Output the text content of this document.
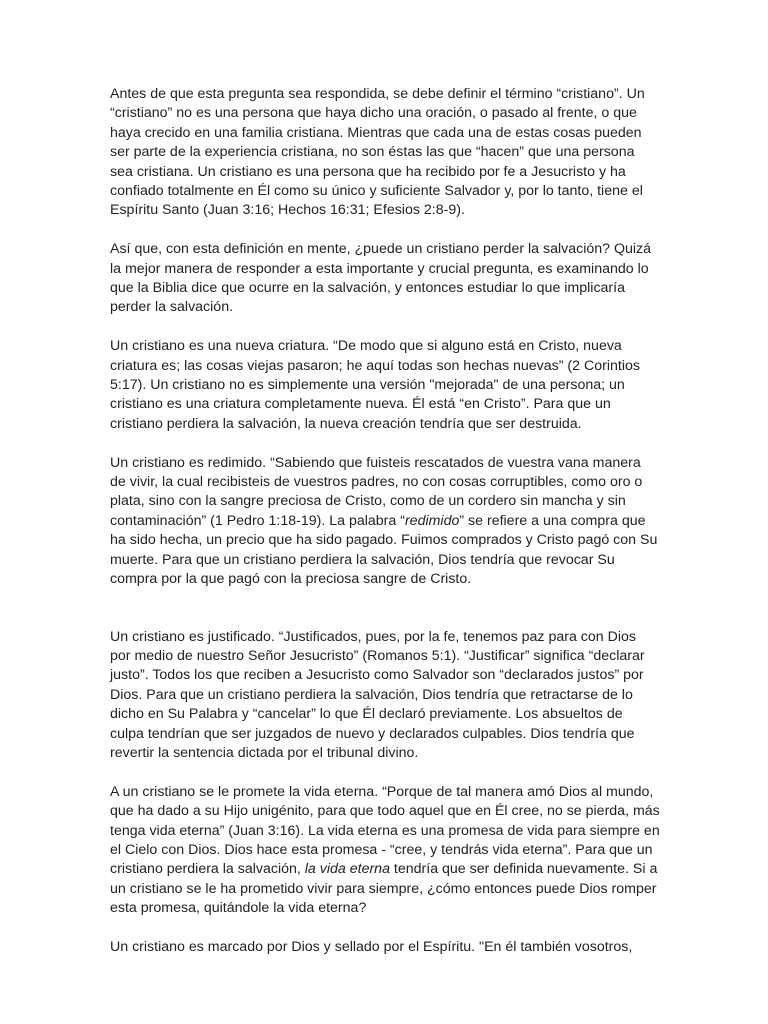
Antes de que esta pregunta sea respondida, se debe definir el término “cristiano”. Un “cristiano” no es una persona que haya dicho una oración, o pasado al frente, o que haya crecido en una familia cristiana. Mientras que cada una de estas cosas pueden ser parte de la experiencia cristiana, no son éstas las que “hacen” que una persona sea cristiana. Un cristiano es una persona que ha recibido por fe a Jesucristo y ha confiado totalmente en Él como su único y suficiente Salvador y, por lo tanto, tiene el Espíritu Santo (Juan 3:16; Hechos 16:31; Efesios 2:8-9).

Así que, con esta definición en mente, ¿puede un cristiano perder la salvación? Quizá la mejor manera de responder a esta importante y crucial pregunta, es examinando lo que la Biblia dice que ocurre en la salvación, y entonces estudiar lo que implicaría perder la salvación.

Un cristiano es una nueva criatura. “De modo que si alguno está en Cristo, nueva criatura es; las cosas viejas pasaron; he aquí todas son hechas nuevas” (2 Corintios 5:17). Un cristiano no es simplemente una versión "mejorada" de una persona; un cristiano es una criatura completamente nueva. Él está “en Cristo”. Para que un cristiano perdiera la salvación, la nueva creación tendría que ser destruida.

Un cristiano es redimido. “Sabiendo que fuisteis rescatados de vuestra vana manera de vivir, la cual recibisteis de vuestros padres, no con cosas corruptibles, como oro o plata, sino con la sangre preciosa de Cristo, como de un cordero sin mancha y sin contaminación” (1 Pedro 1:18-19). La palabra “redimido” se refiere a una compra que ha sido hecha, un precio que ha sido pagado. Fuimos comprados y Cristo pagó con Su muerte. Para que un cristiano perdiera la salvación, Dios tendría que revocar Su compra por la que pagó con la preciosa sangre de Cristo.

Un cristiano es justificado. “Justificados, pues, por la fe, tenemos paz para con Dios por medio de nuestro Señor Jesucristo” (Romanos 5:1). “Justificar” significa “declarar justo”. Todos los que reciben a Jesucristo como Salvador son “declarados justos” por Dios. Para que un cristiano perdiera la salvación, Dios tendría que retractarse de lo dicho en Su Palabra y “cancelar” lo que Él declaró previamente. Los absueltos de culpa tendrían que ser juzgados de nuevo y declarados culpables. Dios tendría que revertir la sentencia dictada por el tribunal divino.

A un cristiano se le promete la vida eterna. “Porque de tal manera amó Dios al mundo, que ha dado a su Hijo unigénito, para que todo aquel que en Él cree, no se pierda, más tenga vida eterna” (Juan 3:16). La vida eterna es una promesa de vida para siempre en el Cielo con Dios. Dios hace esta promesa - “cree, y tendrás vida eterna”. Para que un cristiano perdiera la salvación, la vida eterna tendría que ser definida nuevamente. Si a un cristiano se le ha prometido vivir para siempre, ¿cómo entonces puede Dios romper esta promesa, quitándole la vida eterna?

Un cristiano es marcado por Dios y sellado por el Espíritu. "En él también vosotros,
